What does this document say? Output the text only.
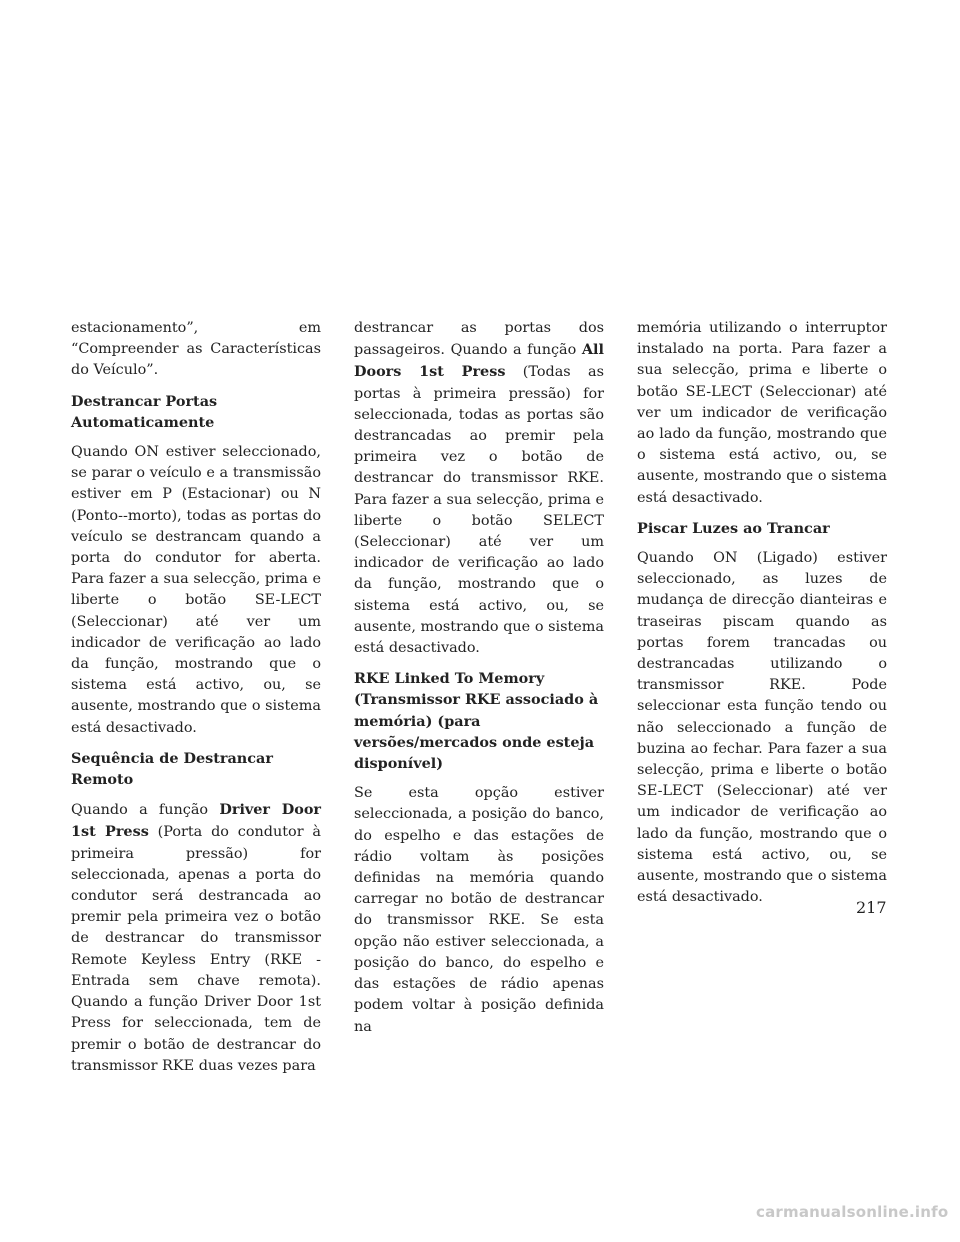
estacionamento”, em “Compreender as Características do Veículo”.

Destrancar Portas Automaticamente

Quando ON estiver seleccionado, se parar o veículo e a transmissão estiver em P (Estacionar) ou N (Ponto--morto), todas as portas do veículo se destrancam quando a porta do condutor for aberta. Para fazer a sua selecção, prima e liberte o botão SE-LECT (Seleccionar) até ver um indicador de verificação ao lado da função, mostrando que o sistema está activo, ou, se ausente, mostrando que o sistema está desactivado.

Sequência de Destrancar Remoto

Quando a função Driver Door 1st Press (Porta do condutor à primeira pressão) for seleccionada, apenas a porta do condutor será destrancada ao premir pela primeira vez o botão de destrancar do transmissor Remote Keyless Entry (RKE - Entrada sem chave remota). Quando a função Driver Door 1st Press for seleccionada, tem de premir o botão de destrancar do transmissor RKE duas vezes para

destrancar as portas dos passageiros. Quando a função All Doors 1st Press (Todas as portas à primeira pressão) for seleccionada, todas as portas são destrancadas ao premir pela primeira vez o botão de destrancar do transmissor RKE. Para fazer a sua selecção, prima e liberte o botão SELECT (Seleccionar) até ver um indicador de verificação ao lado da função, mostrando que o sistema está activo, ou, se ausente, mostrando que o sistema está desactivado.

RKE Linked To Memory (Transmissor RKE associado à memória) (para versões/mercados onde esteja disponível)

Se esta opção estiver seleccionada, a posição do banco, do espelho e das estações de rádio voltam às posições definidas na memória quando carregar no botão de destrancar do transmissor RKE. Se esta opção não estiver seleccionada, a posição do banco, do espelho e das estações de rádio apenas podem voltar à posição definida na

memória utilizando o interruptor instalado na porta. Para fazer a sua selecção, prima e liberte o botão SE-LECT (Seleccionar) até ver um indicador de verificação ao lado da função, mostrando que o sistema está activo, ou, se ausente, mostrando que o sistema está desactivado.

Piscar Luzes ao Trancar

Quando ON (Ligado) estiver seleccionado, as luzes de mudança de direcção dianteiras e traseiras piscam quando as portas forem trancadas ou destrancadas utilizando o transmissor RKE. Pode seleccionar esta função tendo ou não seleccionado a função de buzina ao fechar. Para fazer a sua selecção, prima e liberte o botão SE-LECT (Seleccionar) até ver um indicador de verificação ao lado da função, mostrando que o sistema está activo, ou, se ausente, mostrando que o sistema está desactivado.

217
carmanualsonline.info
